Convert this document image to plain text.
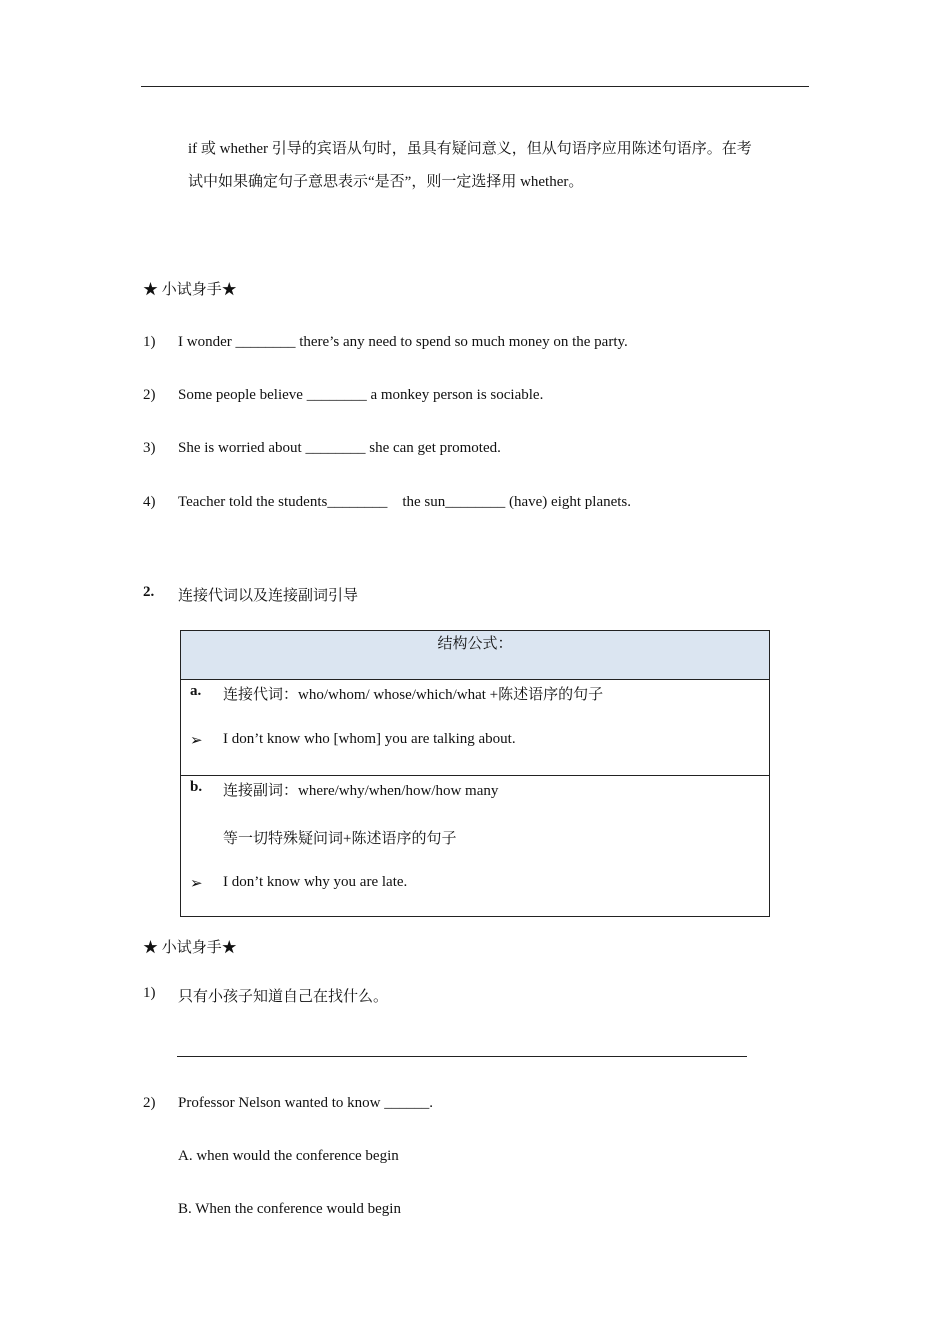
if 或 whether 引导的宾语从句时，虽具有疑问意义，但从句语序应用陈述句语序。在考
试中如果确定句子意思表示“是否”，则一定选择用 whether。
★ 小试身手★
1) I wonder ________ there’s any need to spend so much money on the party.
2) Some people believe ________ a monkey person is sociable.
3) She is worried about ________ she can get promoted.
4) Teacher told the students________    the sun________ (have) eight planets.
2. 连接代词以及连接副词引导
结构公式：
a. 连接代词：who/whom/ whose/which/what +陈述语序的句子
➢ I don’t know who [whom] you are talking about.
b. 连接副词：where/why/when/how/how many
等一切特殊疑问词+陈述语序的句子
➢ I don’t know why you are late.
★ 小试身手★
1) 只有小孩子知道自己在找什么。
2) Professor Nelson wanted to know ______.
A. when would the conference begin
B. When the conference would begin
